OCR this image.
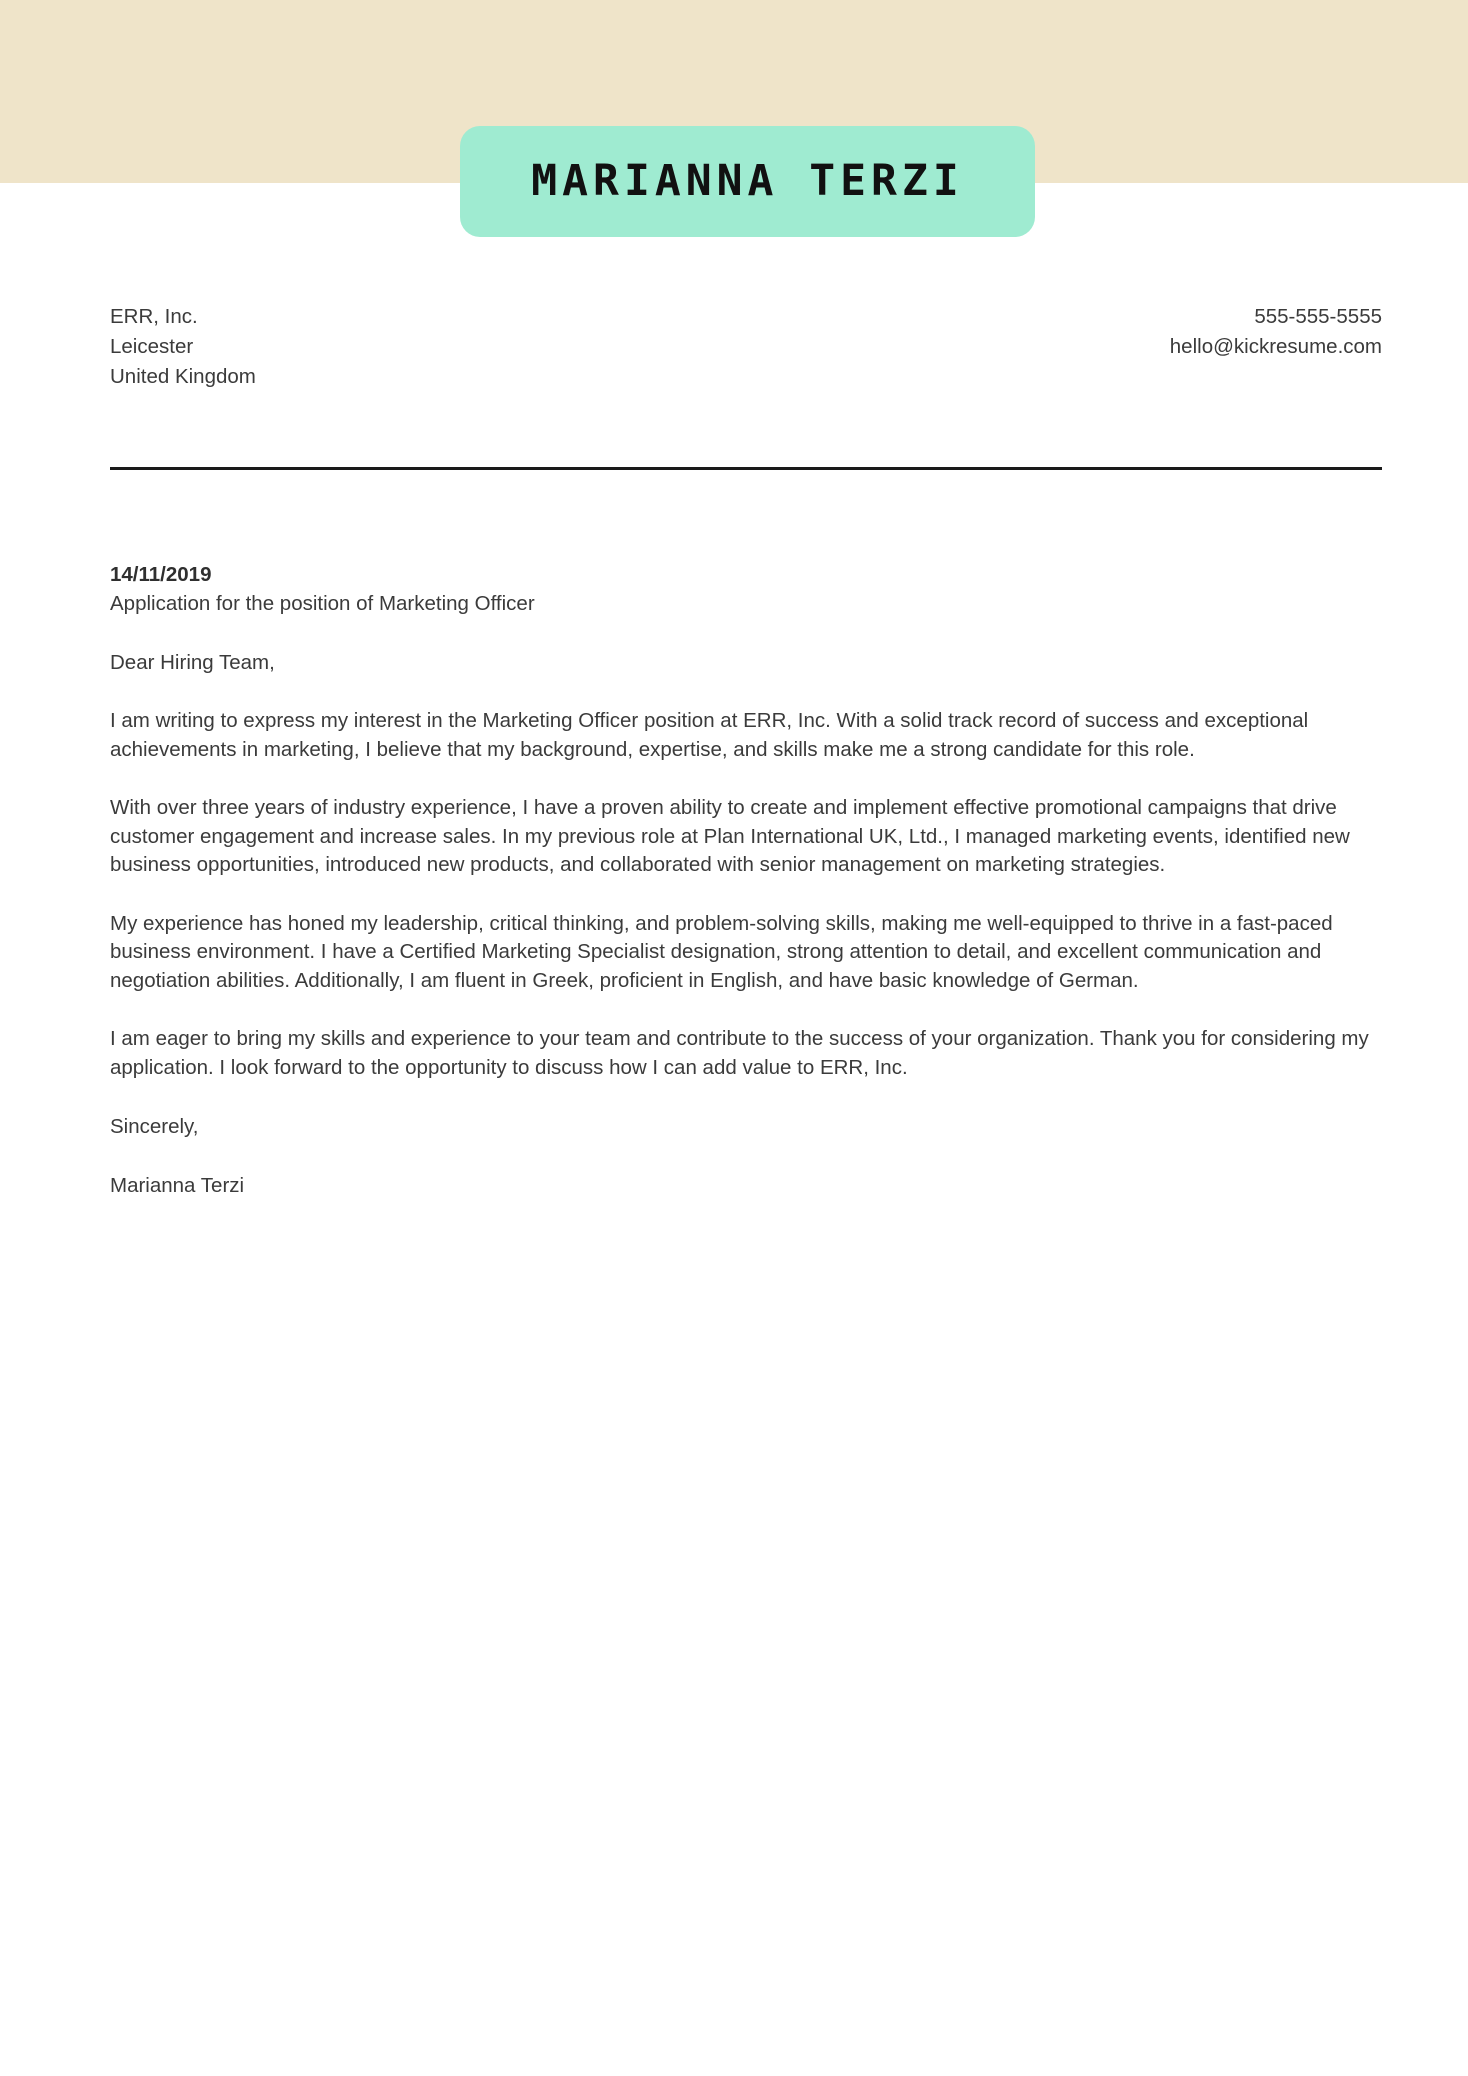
MARIANNA TERZI
ERR, Inc.
Leicester
United Kingdom
555-555-5555
hello@kickresume.com
14/11/2019
Application for the position of Marketing Officer
Dear Hiring Team,

I am writing to express my interest in the Marketing Officer position at ERR, Inc. With a solid track record of success and exceptional achievements in marketing, I believe that my background, expertise, and skills make me a strong candidate for this role.

With over three years of industry experience, I have a proven ability to create and implement effective promotional campaigns that drive customer engagement and increase sales. In my previous role at Plan International UK, Ltd., I managed marketing events, identified new business opportunities, introduced new products, and collaborated with senior management on marketing strategies.

My experience has honed my leadership, critical thinking, and problem-solving skills, making me well-equipped to thrive in a fast-paced business environment. I have a Certified Marketing Specialist designation, strong attention to detail, and excellent communication and negotiation abilities. Additionally, I am fluent in Greek, proficient in English, and have basic knowledge of German.

I am eager to bring my skills and experience to your team and contribute to the success of your organization. Thank you for considering my application. I look forward to the opportunity to discuss how I can add value to ERR, Inc.

Sincerely,
Marianna Terzi
